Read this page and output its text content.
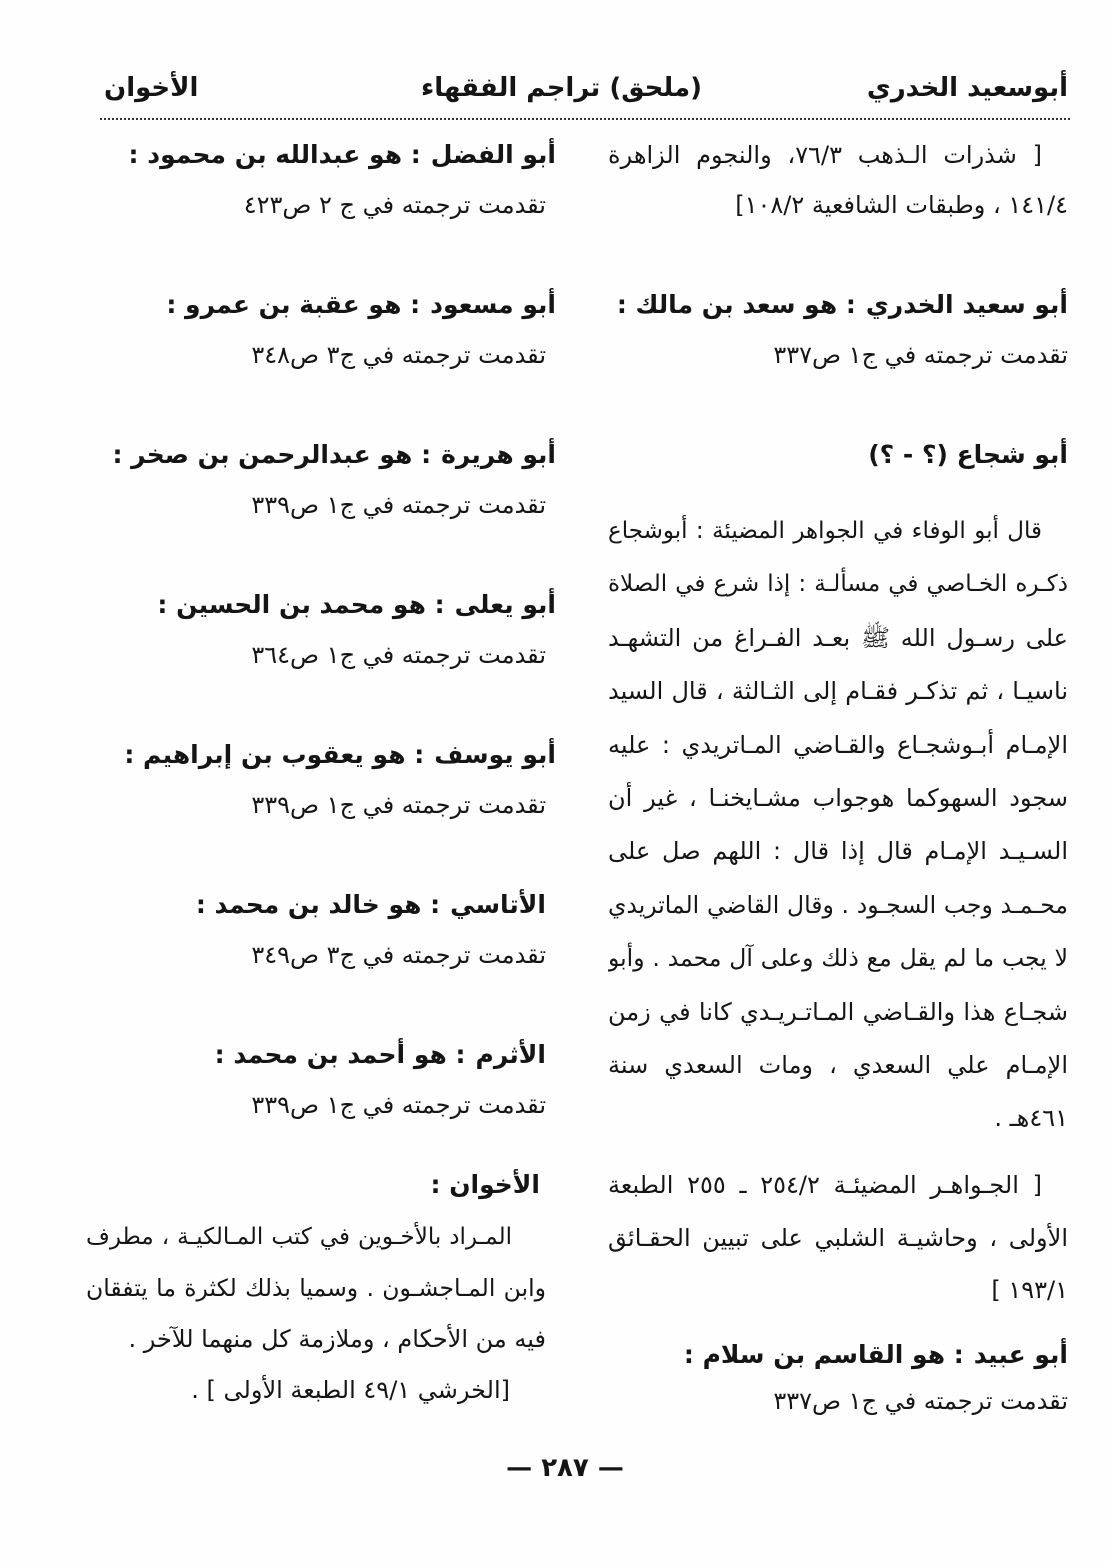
أبوسعيد الخدري
(ملحق) تراجم الفقهاء
الأخوان
[ شذرات الـذهب ٧٦/٣، والنجوم الزاهرة
١٤١/٤ ، وطبقات الشافعية ١٠٨/٢]
أبو سعيد الخدري: هو سعد بن مالك :
تقدمت ترجمته في ج١ ص٣٣٧
أبو شجاع (؟ - ؟)
قال أبو الوفاء في الجواهر المضيئة : أبوشجاع
ذكـره الخـاصي في مسألـة : إذا شرع في الصلاة
على رسـول الله ﷺ بعـد الفـراغ من التشهـد
ناسيـا ، ثم تذكـر فقـام إلى الثـالثة ، قال السيد
الإمـام أبـوشجـاع والقـاضي المـاتريدي : عليه
سجود السهوكما هوجواب مشـايخنـا ، غير أن
السـيـد الإمـام قال إذا قال : اللهم صل على
محـمـد وجب السجـود . وقال القاضي الماتريدي
لا يجب ما لم يقل مع ذلك وعلى آل محمد . وأبو
شجـاع هذا والقـاضي المـاتـريـدي كانا في زمن
الإمـام علي السعدي ، ومات السعدي سنة
٤٦١هـ .
[ الجـواهـر المضيئـة ٢٥٤/٢ ـ ٢٥٥ الطبعة
الأولى ، وحاشيـة الشلبي على تبيين الحقـائق
١٩٣/١ ]
أبو عبيد: هو القاسم بن سلام :
تقدمت ترجمته في ج١ ص٣٣٧
أبو الفضل: هو عبدالله بن محمود :
تقدمت ترجمته في ج ٢ ص٤٢٣
أبو مسعود: هو عقبة بن عمرو :
تقدمت ترجمته في ج٣ ص٣٤٨
أبو هريرة: هو عبدالرحمن بن صخر :
تقدمت ترجمته في ج١ ص٣٣٩
أبو يعلى: هو محمد بن الحسين :
تقدمت ترجمته في ج١ ص٣٦٤
أبو يوسف: هو يعقوب بن إبراهيم :
تقدمت ترجمته في ج١ ص٣٣٩
الأتاسي: هو خالد بن محمد :
تقدمت ترجمته في ج٣ ص٣٤٩
الأثرم: هو أحمد بن محمد :
تقدمت ترجمته في ج١ ص٣٣٩
الأخوان :
المـراد بالأخـوين في كتب المـالكيـة ، مطرف
وابن المـاجشـون . وسميا بذلك لكثرة ما يتفقان
فيه من الأحكام ، وملازمة كل منهما للآخر .
[الخرشي ٤٩/١ الطبعة الأولى ] .
— ٢٨٧ —
